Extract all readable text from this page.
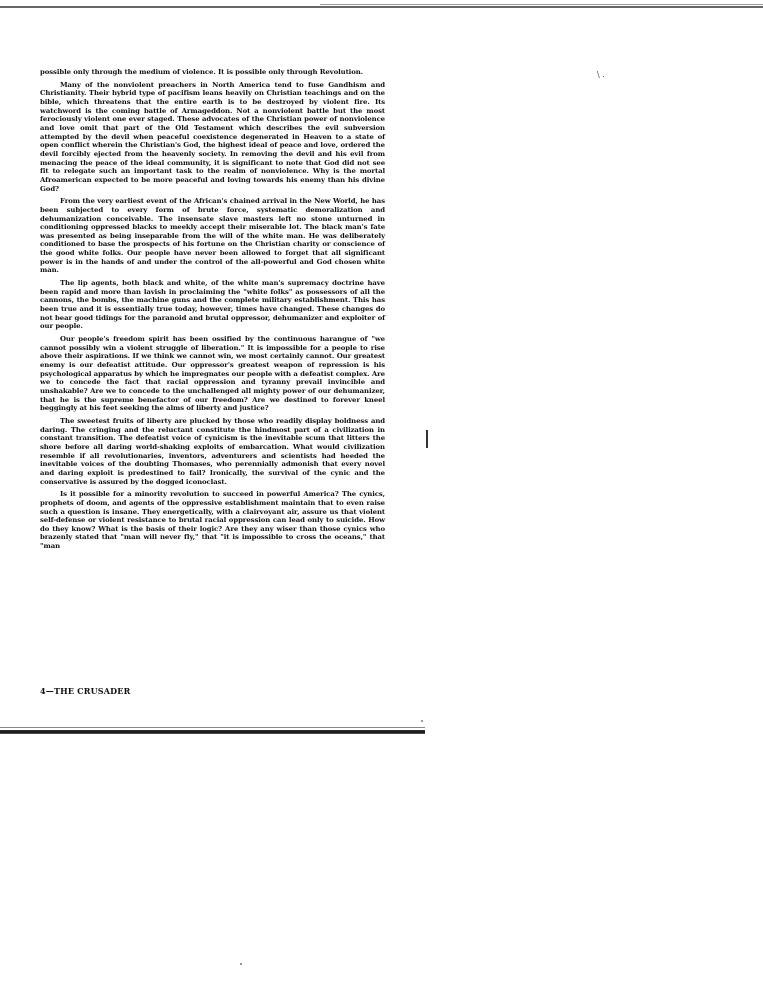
\ .

possible only through the medium of violence. It is possible only through Revolution.

Many of the nonviolent preachers in North America tend to fuse Gandhism and Christianity. Their hybrid type of pacifism leans heavily on Christian teachings and on the bible, which threatens that the entire earth is to be destroyed by violent fire. Its watchword is the coming battle of Armageddon. Not a nonviolent battle but the most ferociously violent one ever staged. These advocates of the Christian power of nonviolence and love omit that part of the Old Testament which describes the evil subversion attempted by the devil when peaceful coexistence degenerated in Heaven to a state of open conflict wherein the Christian's God, the highest ideal of peace and love, ordered the devil forcibly ejected from the heavenly society. In removing the devil and his evil from menacing the peace of the ideal community, it is significant to note that God did not see fit to relegate such an important task to the realm of nonviolence. Why is the mortal Afroamerican expected to be more peaceful and loving towards his enemy than his divine God?

From the very earliest event of the African's chained arrival in the New World, he has been subjected to every form of brute force, systematic demoralization and dehumanization conceivable. The insensate slave masters left no stone unturned in conditioning oppressed blacks to meekly accept their miserable lot. The black man's fate was presented as being inseparable from the will of the white man. He was deliberately conditioned to base the prospects of his fortune on the Christian charity or conscience of the good white folks. Our people have never been allowed to forget that all significant power is in the hands of and under the control of the all-powerful and God chosen white man.

The lip agents, both black and white, of the white man's supremacy doctrine have been rapid and more than lavish in proclaiming the "white folks" as possessors of all the cannons, the bombs, the machine guns and the complete military establishment. This has been true and it is essentially true today, however, times have changed. These changes do not bear good tidings for the paranoid and brutal oppressor, dehumanizer and exploiter of our people.

Our people's freedom spirit has been ossified by the continuous harangue of "we cannot possibly win a violent struggle of liberation." It is impossible for a people to rise above their aspirations. If we think we cannot win, we most certainly cannot. Our greatest enemy is our defeatist attitude. Our oppressor's greatest weapon of repression is his psychological apparatus by which he impregnates our people with a defeatist complex. Are we to concede the fact that racial oppression and tyranny prevail invincible and unshakable? Are we to concede to the unchallenged all mighty power of our dehumanizer, that he is the supreme benefactor of our freedom? Are we destined to forever kneel beggingly at his feet seeking the alms of liberty and justice?

The sweetest fruits of liberty are plucked by those who readily display boldness and daring. The cringing and the reluctant constitute the hindmost part of a civilization in constant transition. The defeatist voice of cynicism is the inevitable scum that litters the shore before all daring world-shaking exploits of embarcation. What would civilization resemble if all revolutionaries, inventors, adventurers and scientists had heeded the inevitable voices of the doubting Thomases, who perennially admonish that every novel and daring exploit is predestined to fail? Ironically, the survival of the cynic and the conservative is assured by the dogged iconoclast.

Is it possible for a minority revolution to succeed in powerful America? The cynics, prophets of doom, and agents of the oppressive establishment maintain that to even raise such a question is insane. They energetically, with a clairvoyant air, assure us that violent self-defense or violent resistance to brutal racial oppression can lead only to suicide. How do they know? What is the basis of their logic? Are they any wiser than those cynics who brazenly stated that "man will never fly," that "it is impossible to cross the oceans," that "man

4—THE CRUSADER
